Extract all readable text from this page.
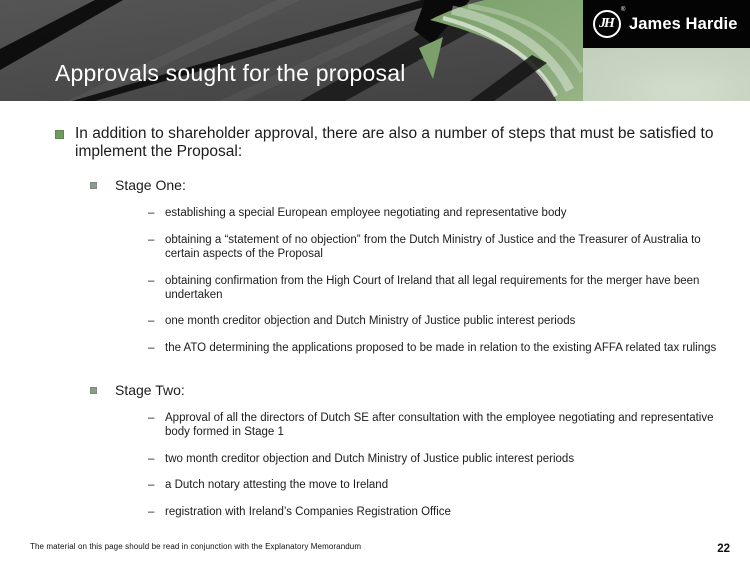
Approvals sought for the proposal
JH
®
James Hardie
In addition to shareholder approval, there are also a number of steps that must be satisfied to implement the Proposal:
Stage One:
– establishing a special European employee negotiating and representative body
– obtaining a “statement of no objection” from the Dutch Ministry of Justice and the Treasurer of Australia to certain aspects of the Proposal
– obtaining confirmation from the High Court of Ireland that all legal requirements for the merger have been undertaken
– one month creditor objection and Dutch Ministry of Justice public interest periods
– the ATO determining the applications proposed to be made in relation to the existing AFFA related tax rulings
Stage Two:
– Approval of all the directors of Dutch SE after consultation with the employee negotiating and representative body formed in Stage 1
– two month creditor objection and Dutch Ministry of Justice public interest periods
– a Dutch notary attesting the move to Ireland
– registration with Ireland’s Companies Registration Office
The material on this page should be read in conjunction with the Explanatory Memorandum	22
